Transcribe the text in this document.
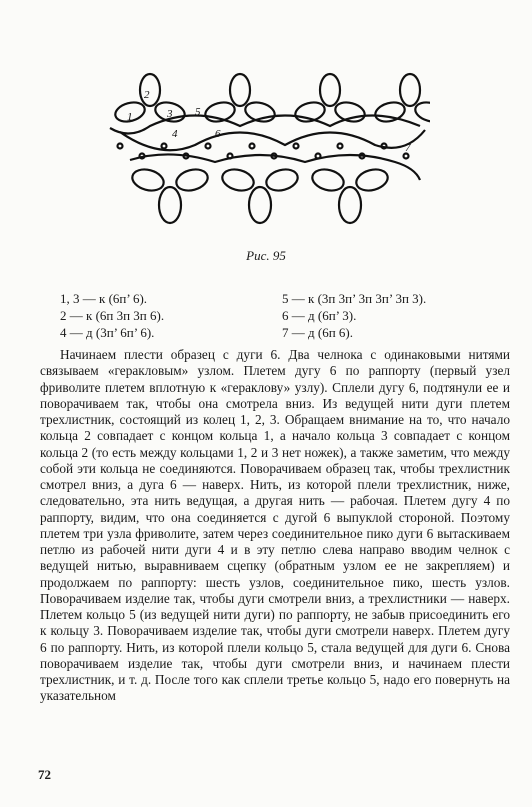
2
1	3 5
4	6
7
Рис. 95
1, 3 — к (6п’ 6).
2 — к (6п 3п 3п 6).
4 — д (3п’ 6п’ 6).
5 — к (3п 3п’ 3п 3п’ 3п 3).
6 — д (6п’ 3).
7 — д (6п 6).

Начинаем плести образец с дуги 6. Два челнока с одинаковыми нитями связываем «геракловым» узлом. Плетем дугу 6 по раппорту (первый узел фриволите плетем вплотную к «гераклову» узлу). Сплели дугу 6, подтянули ее и поворачиваем так, чтобы она смотрела вниз. Из ведущей нити дуги плетем трехлистник, состоящий из колец 1, 2, 3. Обращаем внимание на то, что начало кольца 2 совпадает с концом кольца 1, а начало кольца 3 совпадает с концом кольца 2 (то есть между кольцами 1, 2 и 3 нет ножек), а также заметим, что между собой эти кольца не соединяются. Поворачиваем образец так, чтобы трехлистник смотрел вниз, а дуга 6 — наверх. Нить, из которой плели трехлистник, ниже, следовательно, эта нить ведущая, а другая нить — рабочая. Плетем дугу 4 по раппорту, видим, что она соединяется с дугой 6 выпуклой стороной. Поэтому плетем три узла фриволите, затем через соединительное пико дуги 6 вытаскиваем петлю из рабочей нити дуги 4 и в эту петлю слева направо вводим челнок с ведущей нитью, выравниваем сцепку (обратным узлом ее не закрепляем) и продолжаем по раппорту: шесть узлов, соединительное пико, шесть узлов. Поворачиваем изделие так, чтобы дуги смотрели вниз, а трехлистники — наверх. Плетем кольцо 5 (из ведущей нити дуги) по раппорту, не забыв присоединить его к кольцу 3. Поворачиваем изделие так, чтобы дуги смотрели наверх. Плетем дугу 6 по раппорту. Нить, из которой плели кольцо 5, стала ведущей для дуги 6. Снова поворачиваем изделие так, чтобы дуги смотрели вниз, и начинаем плести трехлистник, и т. д. После того как сплели третье кольцо 5, надо его повернуть на указательном

72
